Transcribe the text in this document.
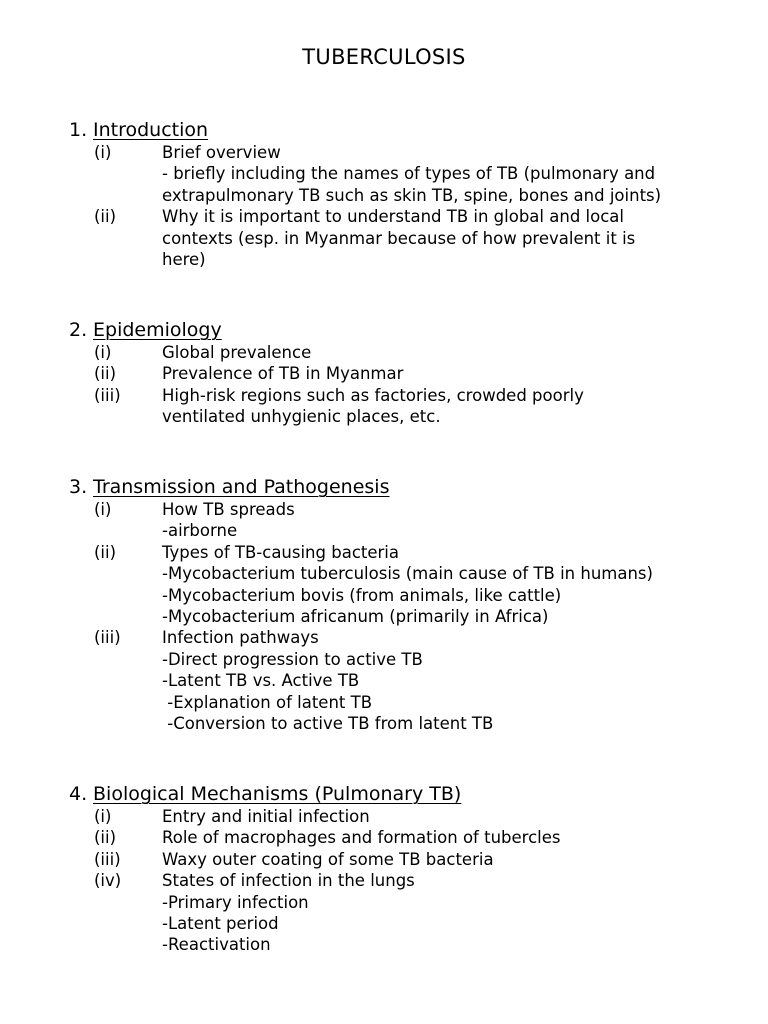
TUBERCULOSIS
1. Introduction
(i)	Brief overview
- briefly including the names of types of TB (pulmonary and
extrapulmonary TB such as skin TB, spine, bones and joints)
(ii)	Why it is important to understand TB in global and local
contexts (esp. in Myanmar because of how prevalent it is
here)
2. Epidemiology
(i)	Global prevalence
(ii)	Prevalence of TB in Myanmar
(iii)	High-risk regions such as factories, crowded poorly
ventilated unhygienic places, etc.
3. Transmission and Pathogenesis
(i)	How TB spreads
-airborne
(ii)	Types of TB-causing bacteria
-Mycobacterium tuberculosis (main cause of TB in humans)
-Mycobacterium bovis (from animals, like cattle)
-Mycobacterium africanum (primarily in Africa)
(iii)	Infection pathways
-Direct progression to active TB
-Latent TB vs. Active TB
-Explanation of latent TB
-Conversion to active TB from latent TB
4. Biological Mechanisms (Pulmonary TB)
(i)	Entry and initial infection
(ii)	Role of macrophages and formation of tubercles
(iii)	Waxy outer coating of some TB bacteria
(iv) States of infection in the lungs
-Primary infection
-Latent period
-Reactivation
